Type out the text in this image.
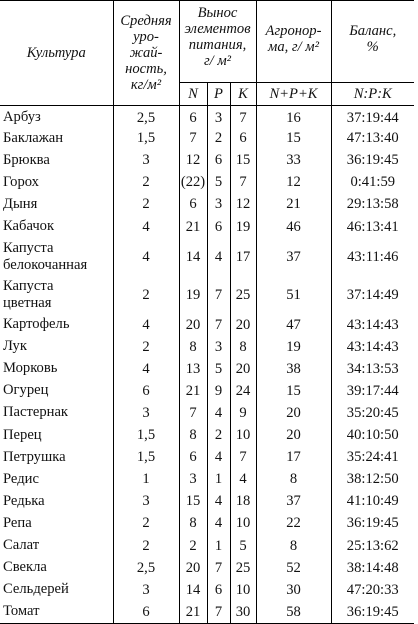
Культура	Средняя
уро-
жай-
ность,
кг/м²	Вынос
элементов
питания,
г/ м²			Агронор-
ма, г/ м²	Баланс,
%
		N	P	K	N+P+K	N:P:K
Арбуз	2,5	6	3	7	16	37:19:44
Баклажан	1,5	7	2	6	15	47:13:40
Брюква	3	12	6	15	33	36:19:45
Горох	2	(22)	5	7	12	0:41:59
Дыня	2	6	3	12	21	29:13:58
Кабачок	4	21	6	19	46	46:13:41
Капуста
белокочанная	4	14	4	17	37	43:11:46
Капуста
цветная	2	19	7	25	51	37:14:49
Картофель	4	20	7	20	47	43:14:43
Лук	2	8	3	8	19	43:14:43
Морковь	4	13	5	20	38	34:13:53
Огурец	6	21	9	24	15	39:17:44
Пастернак	3	7	4	9	20	35:20:45
Перец	1,5	8	2	10	20	40:10:50
Петрушка	1,5	6	4	7	17	35:24:41
Редис	1	3	1	4	8	38:12:50
Редька	3	15	4	18	37	41:10:49
Репа	2	8	4	10	22	36:19:45
Салат	2	2	1	5	8	25:13:62
Свекла	2,5	20	7	25	52	38:14:48
Сельдерей	3	14	6	10	30	47:20:33
Томат	6	21	7	30	58	36:19:45
